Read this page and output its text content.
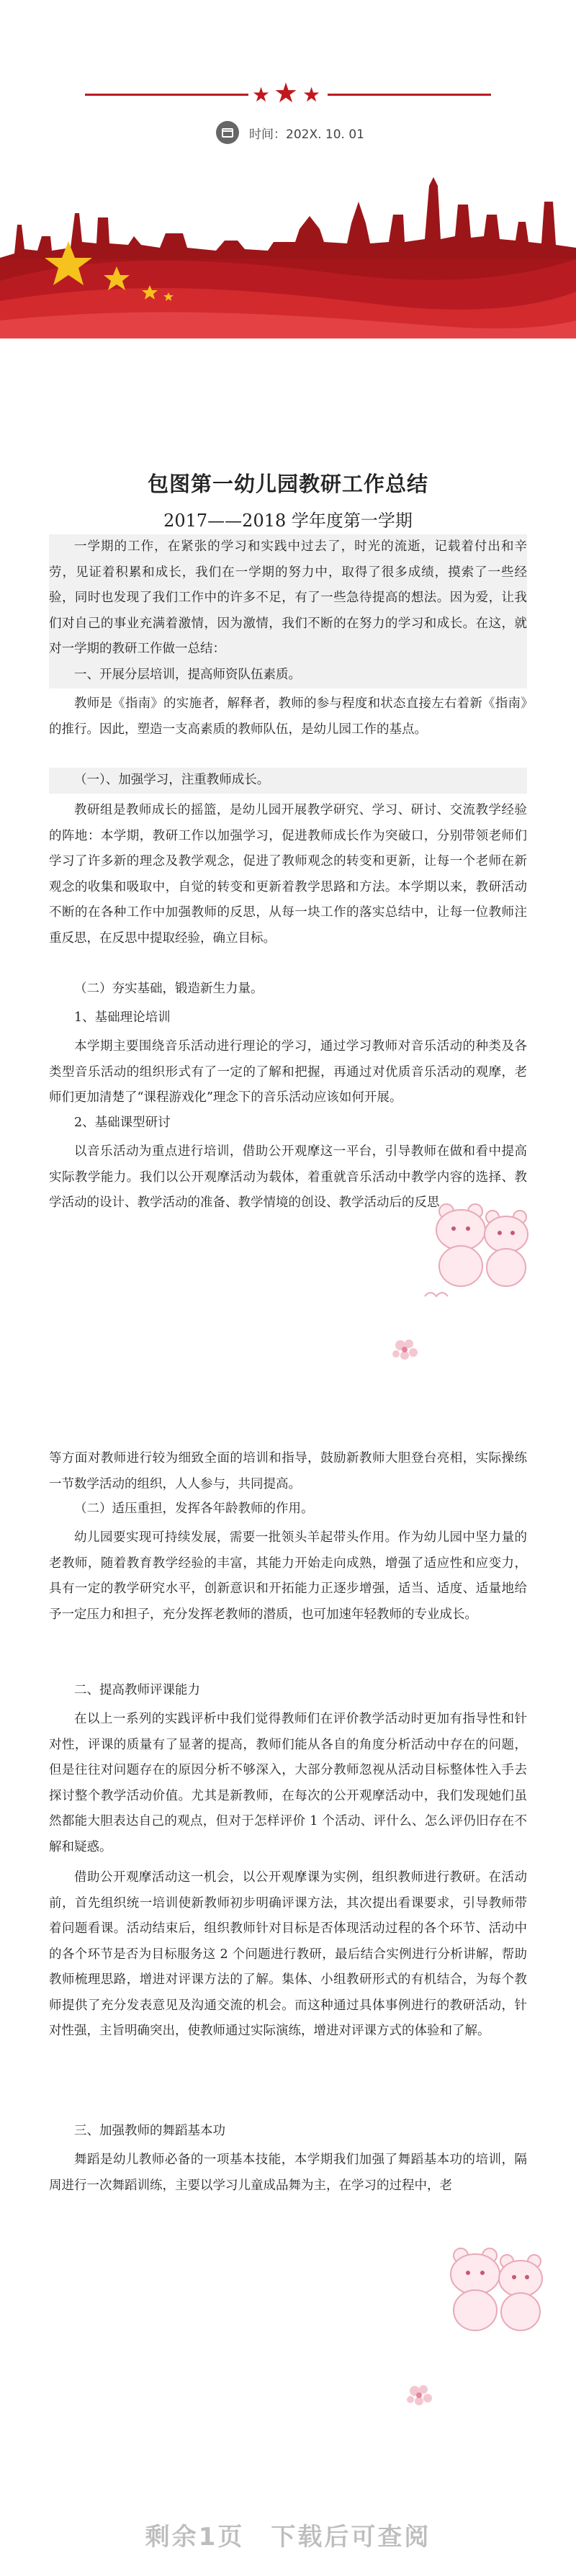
★ ★ ★
时间：202X. 10. 01
包图第一幼儿园教研工作总结
2017——2018 学年度第一学期
一学期的工作，在紧张的学习和实践中过去了，时光的流逝，记载着付出和辛劳，见证着积累和成长，我们在一学期的努力中，取得了很多成绩，摸索了一些经验，同时也发现了我们工作中的许多不足，有了一些急待提高的想法。因为爱，让我们对自己的事业充满着激情，因为激情，我们不断的在努力的学习和成长。在这，就对一学期的教研工作做一总结：
一、开展分层培训，提高师资队伍素质。
教师是《指南》的实施者，解释者，教师的参与程度和状态直接左右着新《指南》的推行。因此，塑造一支高素质的教师队伍，是幼儿园工作的基点。
（一）、加强学习，注重教师成长。
教研组是教师成长的摇篮，是幼儿园开展教学研究、学习、研讨、交流教学经验的阵地：本学期，教研工作以加强学习，促进教师成长作为突破口，分别带领老师们学习了许多新的理念及教学观念，促进了教师观念的转变和更新，让每一个老师在新观念的收集和吸取中，自觉的转变和更新着教学思路和方法。本学期以来，教研活动不断的在各种工作中加强教师的反思，从每一块工作的落实总结中，让每一位教师注重反思，在反思中提取经验，确立目标。
（二）夯实基础，锻造新生力量。
1、基础理论培训
本学期主要围绕音乐活动进行理论的学习，通过学习教师对音乐活动的种类及各类型音乐活动的组织形式有了一定的了解和把握，再通过对优质音乐活动的观摩，老师们更加清楚了“课程游戏化”理念下的音乐活动应该如何开展。
2、基础课型研讨
以音乐活动为重点进行培训，借助公开观摩这一平台，引导教师在做和看中提高实际教学能力。我们以公开观摩活动为载体，着重就音乐活动中教学内容的选择、教学活动的设计、教学活动的准备、教学情境的创设、教学活动后的反思
等方面对教师进行较为细致全面的培训和指导，鼓励新教师大胆登台亮相，实际操练一节数学活动的组织，人人参与，共同提高。
（二）适压重担，发挥各年龄教师的作用。
幼儿园要实现可持续发展，需要一批领头羊起带头作用。作为幼儿园中坚力量的老教师，随着教育教学经验的丰富，其能力开始走向成熟，增强了适应性和应变力，具有一定的教学研究水平，创新意识和开拓能力正逐步增强，适当、适度、适量地给予一定压力和担子，充分发挥老教师的潜质，也可加速年轻教师的专业成长。
二、提高教师评课能力
在以上一系列的实践评析中我们觉得教师们在评价教学活动时更加有指导性和针对性，评课的质量有了显著的提高，教师们能从各自的角度分析活动中存在的问题，但是往往对问题存在的原因分析不够深入，大部分教师忽视从活动目标整体性入手去探讨整个教学活动价值。尤其是新教师，在每次的公开观摩活动中，我们发现她们虽然都能大胆表达自己的观点，但对于怎样评价 1 个活动、评什么、怎么评仍旧存在不解和疑惑。
借助公开观摩活动这一机会，以公开观摩课为实例，组织教师进行教研。在活动前，首先组织统一培训使新教师初步明确评课方法，其次提出看课要求，引导教师带着问题看课。活动结束后，组织教师针对目标是否体现活动过程的各个环节、活动中的各个环节是否为目标服务这 2 个问题进行教研，最后结合实例进行分析讲解，帮助教师梳理思路，增进对评课方法的了解。集体、小组教研形式的有机结合，为每个教师提供了充分发表意见及沟通交流的机会。而这种通过具体事例进行的教研活动，针对性强，主旨明确突出，使教师通过实际演练，增进对评课方式的体验和了解。
三、加强教师的舞蹈基本功
舞蹈是幼儿教师必备的一项基本技能，本学期我们加强了舞蹈基本功的培训，隔周进行一次舞蹈训练，主要以学习儿童成品舞为主，在学习的过程中，老
剩余1页　下载后可查阅
